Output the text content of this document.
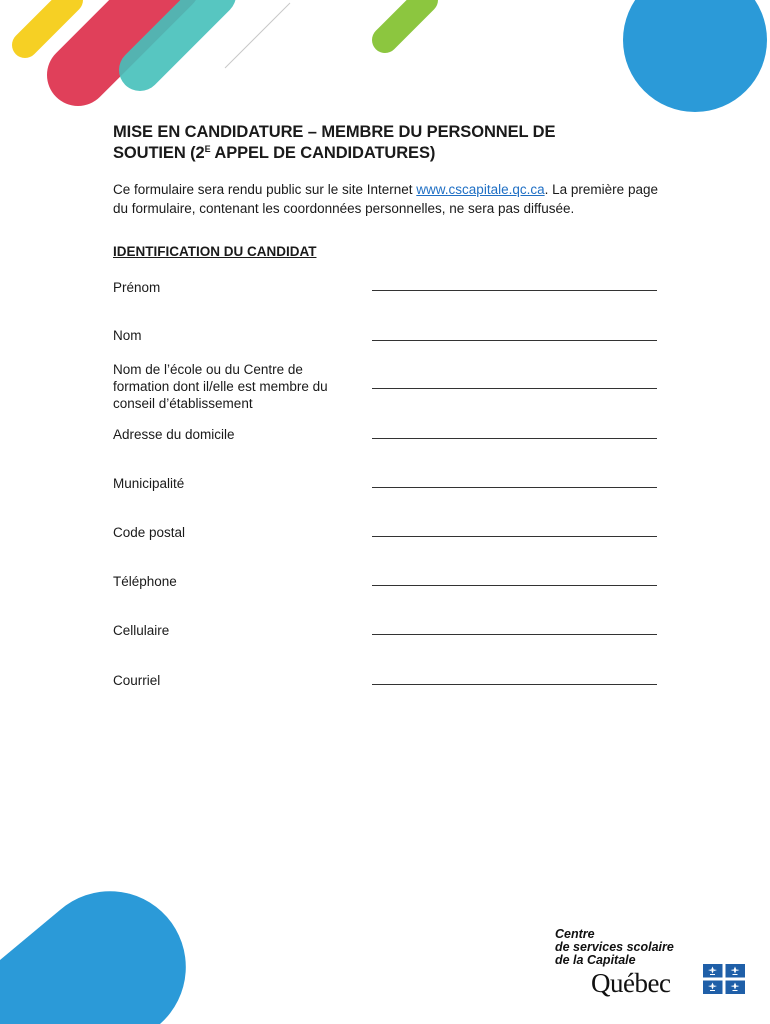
MISE EN CANDIDATURE – MEMBRE DU PERSONNEL DE
SOUTIEN ($2^E$ APPEL DE CANDIDATURES)

Ce formulaire sera rendu public sur le site Internet www.cscapitale.qc.ca. La première page du formulaire, contenant les coordonnées personnelles, ne sera pas diffusée.

IDENTIFICATION DU CANDIDAT
Prénom
Nom
Nom de l’école ou du Centre de formation dont il/elle est membre du conseil d’établissement
Adresse du domicile
Municipalité
Code postal
Téléphone
Cellulaire
Courriel
Centre
de services scolaire
de la Capitale
Québec
